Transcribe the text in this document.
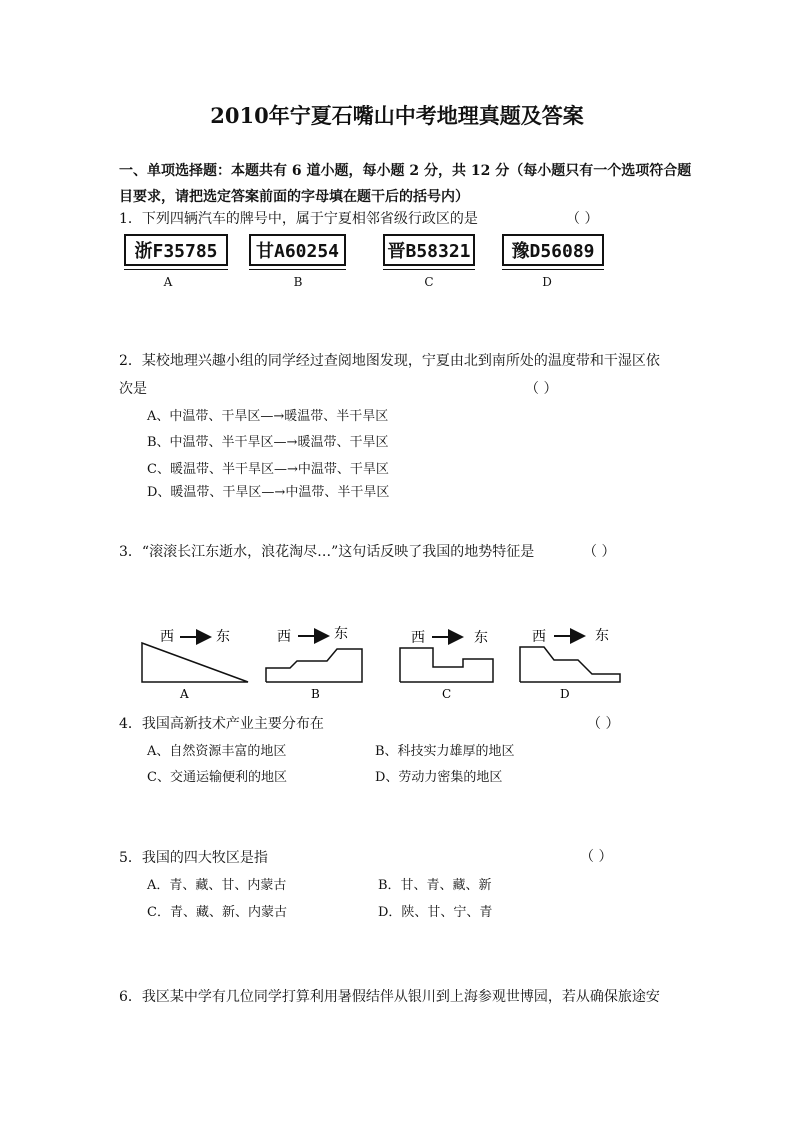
2010年宁夏石嘴山中考地理真题及答案
一、单项选择题：本题共有 6 道小题，每小题 2 分，共 12 分（每小题只有一个选项符合题
目要求，请把选定答案前面的字母填在题干后的括号内）
1．下列四辆汽车的牌号中，属于宁夏相邻省级行政区的是	（ ）
浙F35785
A
甘A60254
B
晋B58321
C
豫D56089
D
2．某校地理兴趣小组的同学经过查阅地图发现，宁夏由北到南所处的温度带和干湿区依
次是	（ ）
A、中温带、干旱区—→暖温带、半干旱区
B、中温带、半干旱区—→暖温带、干旱区
C、暖温带、半干旱区—→中温带、干旱区
D、暖温带、干旱区—→中温带、半干旱区
3．“滚滚长江东逝水，浪花淘尽…”这句话反映了我国的地势特征是	（ ）
西	东
A
西	东
B
西	东
C
西	东
D
4．我国高新技术产业主要分布在	（ ）
A、自然资源丰富的地区	B、科技实力雄厚的地区
C、交通运输便利的地区	D、劳动力密集的地区
5．我国的四大牧区是指	（ ）
A．青、藏、甘、内蒙古	B．甘、青、藏、新
C．青、藏、新、内蒙古	D．陕、甘、宁、青
6．我区某中学有几位同学打算利用暑假结伴从银川到上海参观世博园，若从确保旅途安
